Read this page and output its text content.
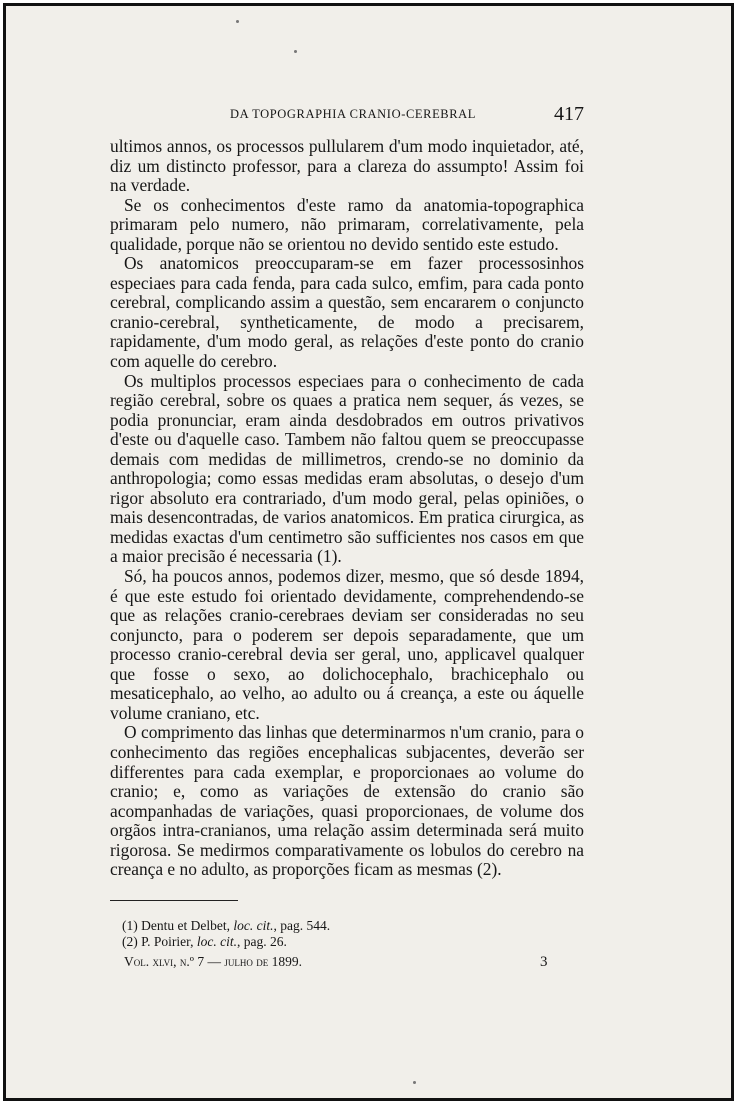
DA TOPOGRAPHIA CRANIO-CEREBRAL	417

ultimos annos, os processos pullularem d'um modo inquietador, até, diz um distincto professor, para a clareza do assumpto! Assim foi na verdade.

Se os conhecimentos d'este ramo da anatomia-topographica primaram pelo numero, não primaram, correlativamente, pela qualidade, porque não se orientou no devido sentido este estudo.

Os anatomicos preoccuparam-se em fazer processosinhos especiaes para cada fenda, para cada sulco, emfim, para cada ponto cerebral, complicando assim a questão, sem encararem o conjuncto cranio-cerebral, syntheticamente, de modo a precisarem, rapidamente, d'um modo geral, as relações d'este ponto do cranio com aquelle do cerebro.

Os multiplos processos especiaes para o conhecimento de cada região cerebral, sobre os quaes a pratica nem sequer, ás vezes, se podia pronunciar, eram ainda desdobrados em outros privativos d'este ou d'aquelle caso. Tambem não faltou quem se preoccupasse demais com medidas de millimetros, crendo-se no dominio da anthropologia; como essas medidas eram absolutas, o desejo d'um rigor absoluto era contrariado, d'um modo geral, pelas opiniões, o mais desencontradas, de varios anatomicos. Em pratica cirurgica, as medidas exactas d'um centimetro são sufficientes nos casos em que a maior precisão é necessaria (1).

Só, ha poucos annos, podemos dizer, mesmo, que só desde 1894, é que este estudo foi orientado devidamente, comprehendendo-se que as relações cranio-cerebraes deviam ser consideradas no seu conjuncto, para o poderem ser depois separadamente, que um processo cranio-cerebral devia ser geral, uno, applicavel qualquer que fosse o sexo, ao dolichocephalo, brachicephalo ou mesaticephalo, ao velho, ao adulto ou á creança, a este ou áquelle volume craniano, etc.

O comprimento das linhas que determinarmos n'um cranio, para o conhecimento das regiões encephalicas subjacentes, deverão ser differentes para cada exemplar, e proporcionaes ao volume do cranio; e, como as variações de extensão do cranio são acompanhadas de variações, quasi proporcionaes, de volume dos orgãos intra-cranianos, uma relação assim determinada será muito rigorosa. Se medirmos comparativamente os lobulos do cerebro na creança e no adulto, as proporções ficam as mesmas (2).

(1) Dentu et Delbet, loc. cit., pag. 544.
(2) P. Poirier, loc. cit., pag. 26.
Vol. xlvi, n.º 7 — julho de 1899.	3
